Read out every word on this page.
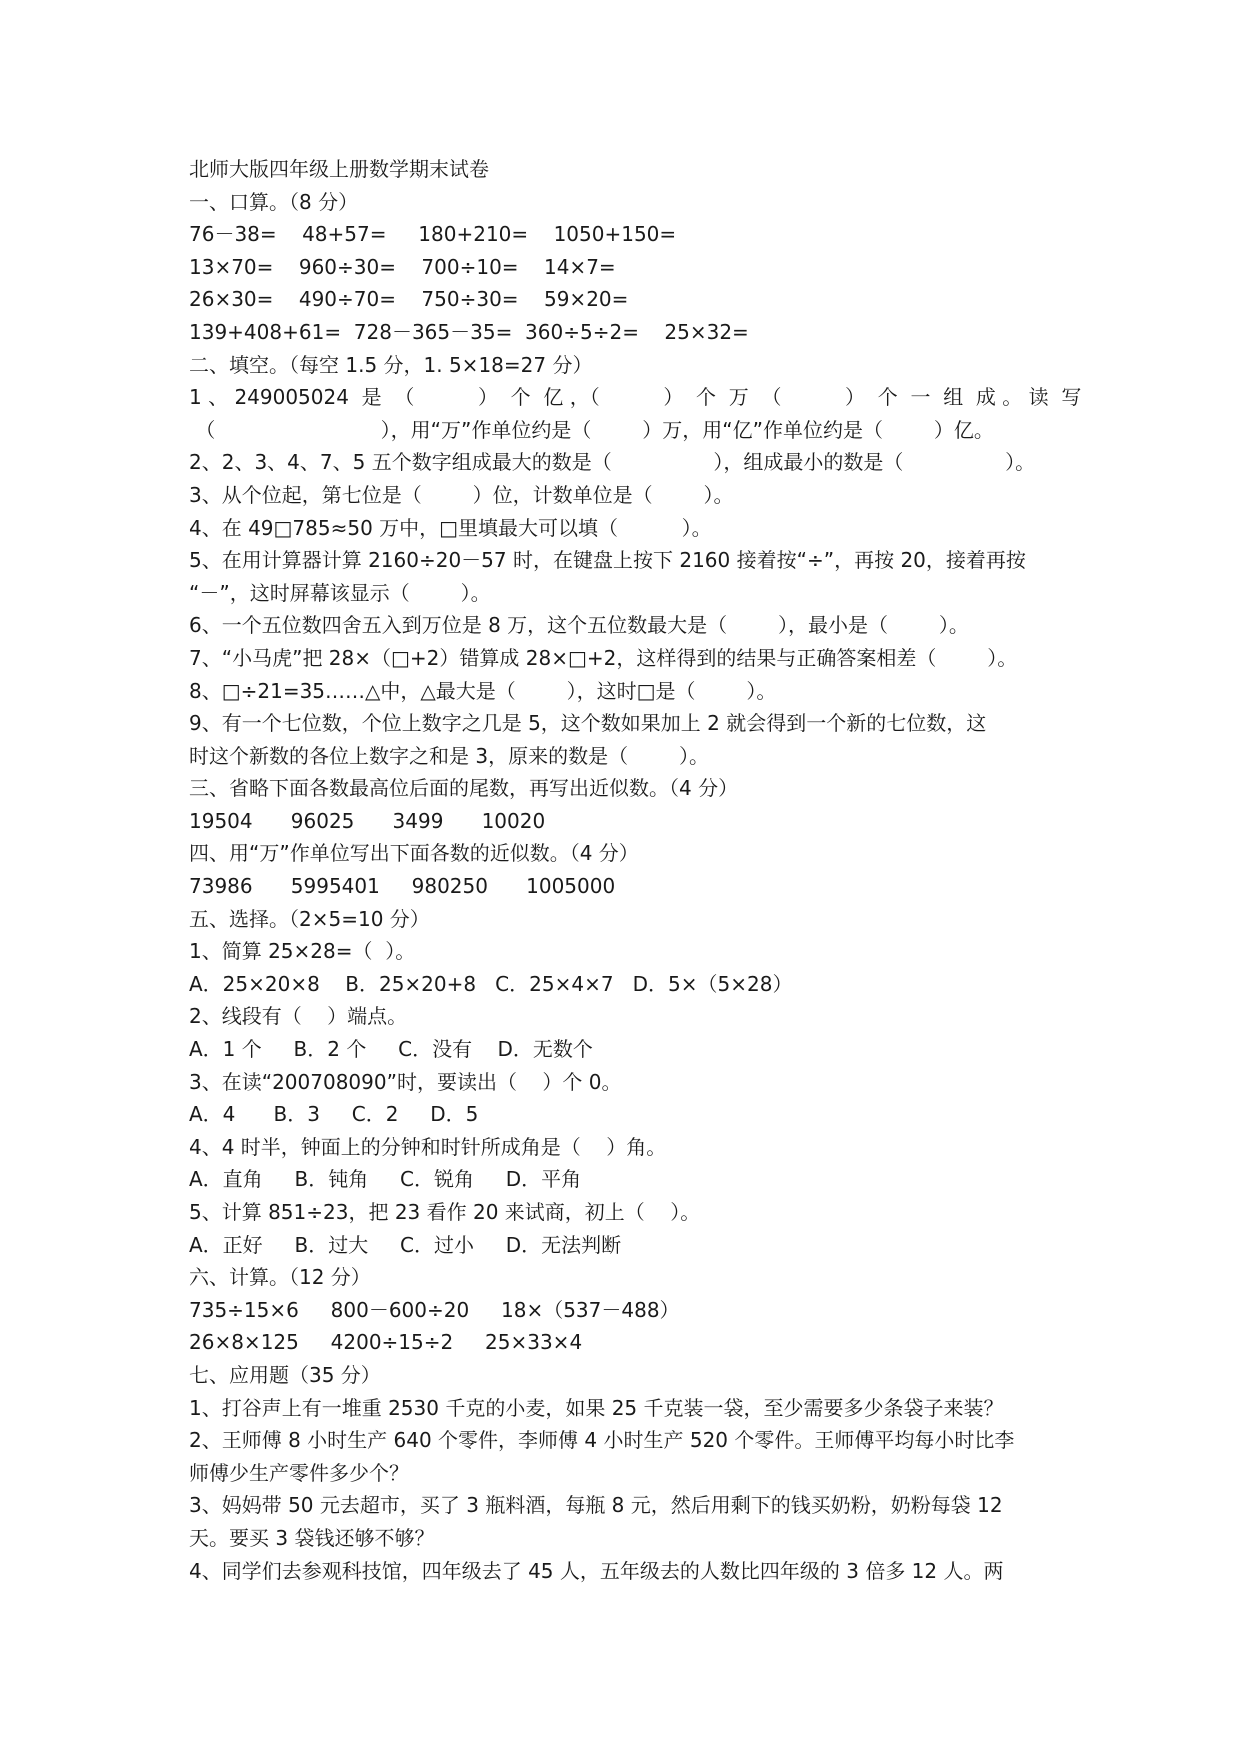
北师大版四年级上册数学期末试卷

一、口算。（8 分）

76－38=    48+57=     180+210=    1050+150=

13×70=    960÷30=    700÷10=    14×7=

26×30=    490÷70=    750÷30=    59×20=

139+408+61=  728－365－35=  360÷5÷2=    25×32=

二、填空。（每空 1.5 分，1. 5×18=27 分）

1 、 249005024  是  （          ）  个  亿 ，（          ）  个  万  （          ）  个  一  组  成 。 读  写

（                          ），用“万”作单位约是（        ）万，用“亿”作单位约是（        ）亿。

2、2、3、4、7、5 五个数字组成最大的数是（                ），组成最小的数是（                ）。

3、从个位起，第七位是（        ）位，计数单位是（        ）。

4、在 49□785≈50 万中，□里填最大可以填（          ）。

5、在用计算器计算 2160÷20－57 时，在键盘上按下 2160 接着按“÷”，再按 20，接着再按

“－”，这时屏幕该显示（        ）。

6、一个五位数四舍五入到万位是 8 万，这个五位数最大是（        ），最小是（        ）。

7、“小马虎”把 28×（□+2）错算成 28×□+2，这样得到的结果与正确答案相差（        ）。

8、□÷21=35……△中，△最大是（        ），这时□是（        ）。

9、有一个七位数，个位上数字之几是 5，这个数如果加上 2 就会得到一个新的七位数，这

时这个新数的各位上数字之和是 3，原来的数是（        ）。

三、省略下面各数最高位后面的尾数，再写出近似数。（4 分）

19504      96025      3499      10020

四、用“万”作单位写出下面各数的近似数。（4 分）

73986      5995401     980250      1005000

五、选择。（2×5=10 分）

1、简算 25×28=（  ）。

A．25×20×8    B．25×20+8   C．25×4×7   D．5×（5×28）

2、线段有（    ）端点。

A．1 个     B．2 个     C．没有    D．无数个

3、在读“200708090”时，要读出（    ）个 0。

A．4      B．3     C．2     D．5

4、4 时半，钟面上的分钟和时针所成角是（    ）角。

A．直角     B．钝角     C．锐角     D．平角

5、计算 851÷23，把 23 看作 20 来试商，初上（    ）。

A．正好     B．过大     C．过小     D．无法判断

六、计算。（12 分）

735÷15×6     800－600÷20     18×（537－488）

26×8×125     4200÷15÷2     25×33×4

七、应用题（35 分）

1、打谷声上有一堆重 2530 千克的小麦，如果 25 千克装一袋，至少需要多少条袋子来装？

2、王师傅 8 小时生产 640 个零件，李师傅 4 小时生产 520 个零件。王师傅平均每小时比李

师傅少生产零件多少个？

3、妈妈带 50 元去超市，买了 3 瓶料酒，每瓶 8 元，然后用剩下的钱买奶粉，奶粉每袋 12

天。要买 3 袋钱还够不够？

4、同学们去参观科技馆，四年级去了 45 人，五年级去的人数比四年级的 3 倍多 12 人。两
